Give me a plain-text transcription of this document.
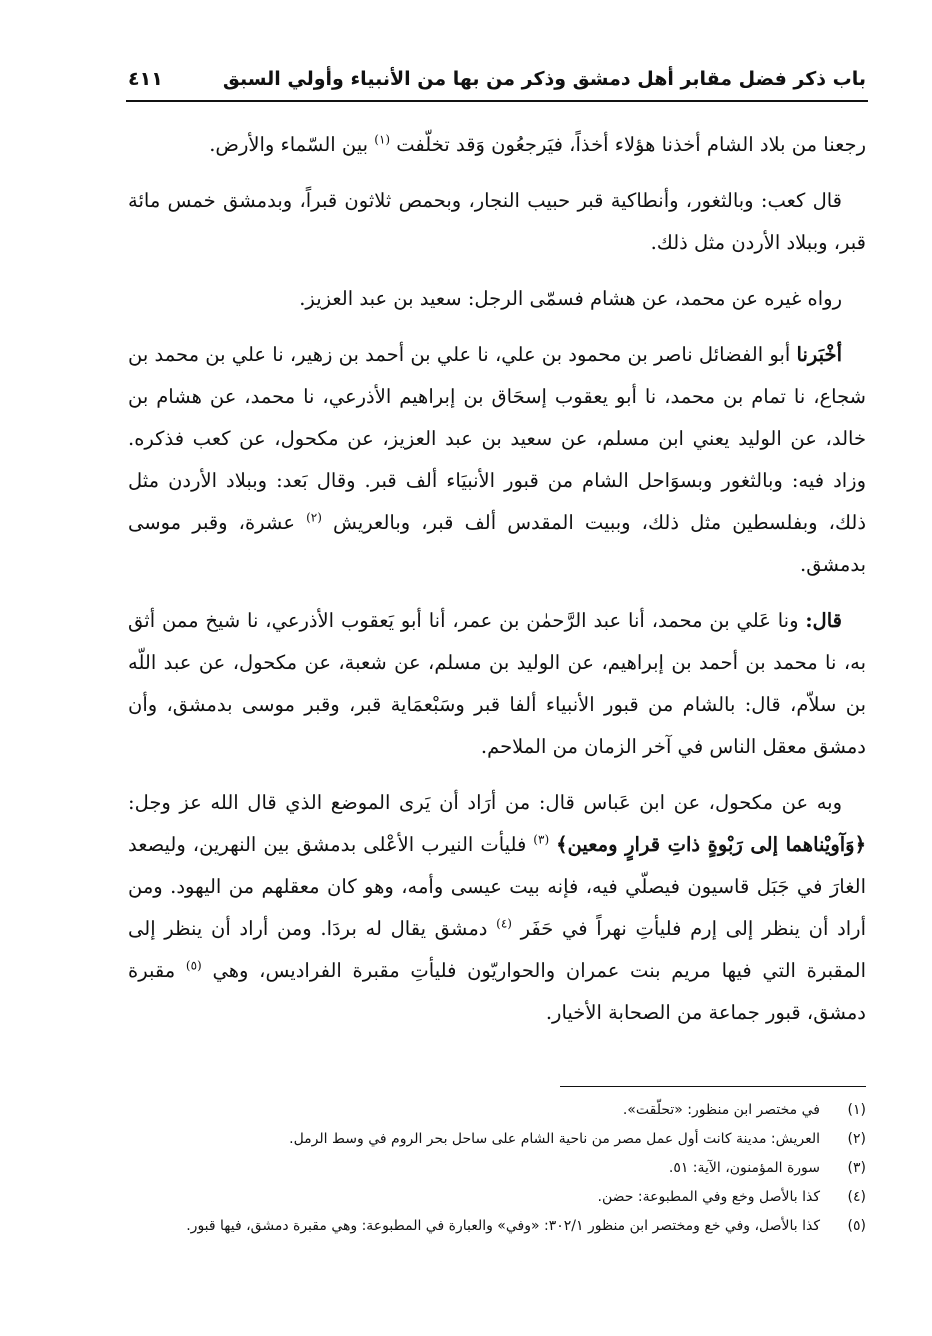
باب ذكر فضل مقابر أهل دمشق وذكر من بها من الأنبياء وأولي السبق
٤١١

رجعنا من بلاد الشام أخذنا هؤلاء أخذاً، فيَرجعُون وَقد تخلّفت $^{(١)}$ بين السّماء والأرض.

قال كعب: وبالثغور، وأنطاكية قبر حبيب النجار، وبحمص ثلاثون قبراً، وبدمشق خمس مائة قبر، وببلاد الأردن مثل ذلك.

رواه غيره عن محمد، عن هشام فسمّى الرجل: سعيد بن عبد العزيز.

أخْبَرنا أبو الفضائل ناصر بن محمود بن علي، نا علي بن أحمد بن زهير، نا علي بن محمد بن شجاع، نا تمام بن محمد، نا أبو يعقوب إسحَاق بن إبراهيم الأذرعي، نا محمد، عن هشام بن خالد، عن الوليد يعني ابن مسلم، عن سعيد بن عبد العزيز، عن مكحول، عن كعب فذكره. وزاد فيه: وبالثغور وبسوَاحل الشام من قبور الأنبيَاء ألف قبر. وقال بَعد: وببلاد الأردن مثل ذلك، وبفلسطين مثل ذلك، وببيت المقدس ألف قبر، وبالعريش $^{(٢)}$ عشرة، وقبر موسى بدمشق.

قال: ونا عَلي بن محمد، أنا عبد الرَّحمٰن بن عمر، أنا أبو يَعقوب الأذرعي، نا شيخ ممن أثق به، نا محمد بن أحمد بن إبراهيم، عن الوليد بن مسلم، عن شعبة، عن مكحول، عن عبد اللّه بن سلاّم، قال: بالشام من قبور الأنبياء ألفا قبر وسَبْعمَاية قبر، وقبر موسى بدمشق، وأن دمشق معقل الناس في آخر الزمان من الملاحم.

وبه عن مكحول، عن ابن عَباس قال: من أرَاد أن يَرى الموضع الذي قال الله عز وجل: ﴿وَآويْناهما إلى رَبْوةٍ ذاتِ قرارٍ ومعين﴾ $^{(٣)}$ فليأت النيرب الأعْلى بدمشق بين النهرين، وليصعد الغارَ في جَبَل قاسيون فيصلّي فيه، فإنه بيت عيسى وأمه، وهو كان معقلهم من اليهود. ومن أراد أن ينظر إلى إرم فليأتِ نهراً في حَفَر $^{(٤)}$ دمشق يقال له بردَا. ومن أراد أن ينظر إلى المقبرة التي فيها مريم بنت عمران والحواريّون فليأتِ مقبرة الفراديس، وهي $^{(٥)}$ مقبرة دمشق، قبور جماعة من الصحابة الأخيار.

(١)
في مختصر ابن منظور: «تحلّقت».
(٢)
العريش: مدينة كانت أول عمل مصر من ناحية الشام على ساحل بحر الروم في وسط الرمل.
(٣)
سورة المؤمنون، الآية: ٥١.
(٤)
كذا بالأصل وخع وفي المطبوعة: حضن.
(٥)
كذا بالأصل، وفي خع ومختصر ابن منظور ٣٠٢/١: «وفي» والعبارة في المطبوعة: وهي مقبرة دمشق، فيها قبور.
